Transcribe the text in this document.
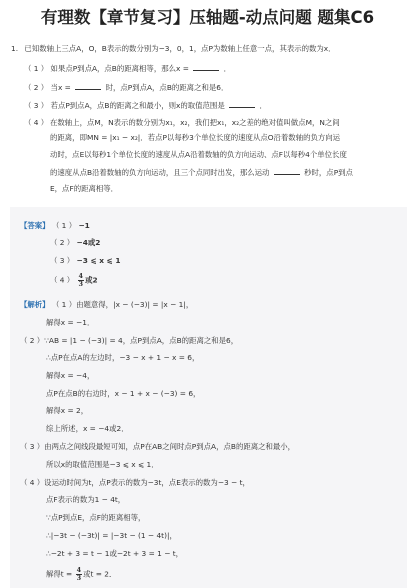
有理数【章节复习】压轴题-动点问题 题集C6
1. 已知数轴上三点A，O，B表示的数分别为−3，0，1，点P为数轴上任意一点，其表示的数为x．
（ 1 ） 如果点P到点A，点B的距离相等，那么x =	．
（ 2 ） 当x =	时，点P到点A，点B的距离之和是6．
（ 3 ） 若点P到点A，点B的距离之和最小，则x的取值范围是	．
（ 4 ） 在数轴上，点M，N表示的数分别为x₁，x₂，我们把x₁，x₂之差的绝对值叫做点M，N之间
的距离，即MN = |x₁ − x₂|．若点P以每秒3个单位长度的速度从点O沿着数轴的负方向运
动时，点E以每秒1个单位长度的速度从点A沿着数轴的负方向运动、点F以每秒4个单位长度
的速度从点B沿着数轴的负方向运动，且三个点同时出发，那么运动	秒时，点P到点
E，点F的距离相等．
【答案】 （ 1 ） −1
（ 2 ） −4或2
（ 3 ） −3 ⩽ x ⩽ 1
（ 4 ） $\frac{4}{3}$ 或2
【解析】 （ 1 ）由题意得，|x − (−3)| = |x − 1|，
解得x = −1．
（ 2 ）∵AB = |1 − (−3)| = 4，点P到点A，点B的距离之和是6，
∴点P在点A的左边时，−3 − x + 1 − x = 6，
解得x = −4，
点P在点B的右边时，x − 1 + x − (−3) = 6，
解得x = 2，
综上所述，x = −4或2．
（ 3 ）由两点之间线段最短可知，点P在AB之间时点P到点A，点B的距离之和最小，
所以x的取值范围是−3 ⩽ x ⩽ 1．
（ 4 ）设运动时间为t，点P表示的数为−3t，点E表示的数为−3 − t，
点F表示的数为1 − 4t，
∵点P到点E，点F的距离相等，
∴|−3t − (−3t)| = |−3t − (1 − 4t)|，
∴−2t + 3 = t − 1或−2t + 3 = 1 − t，
解得$t = \frac{4}{3}$ 或t = 2．
